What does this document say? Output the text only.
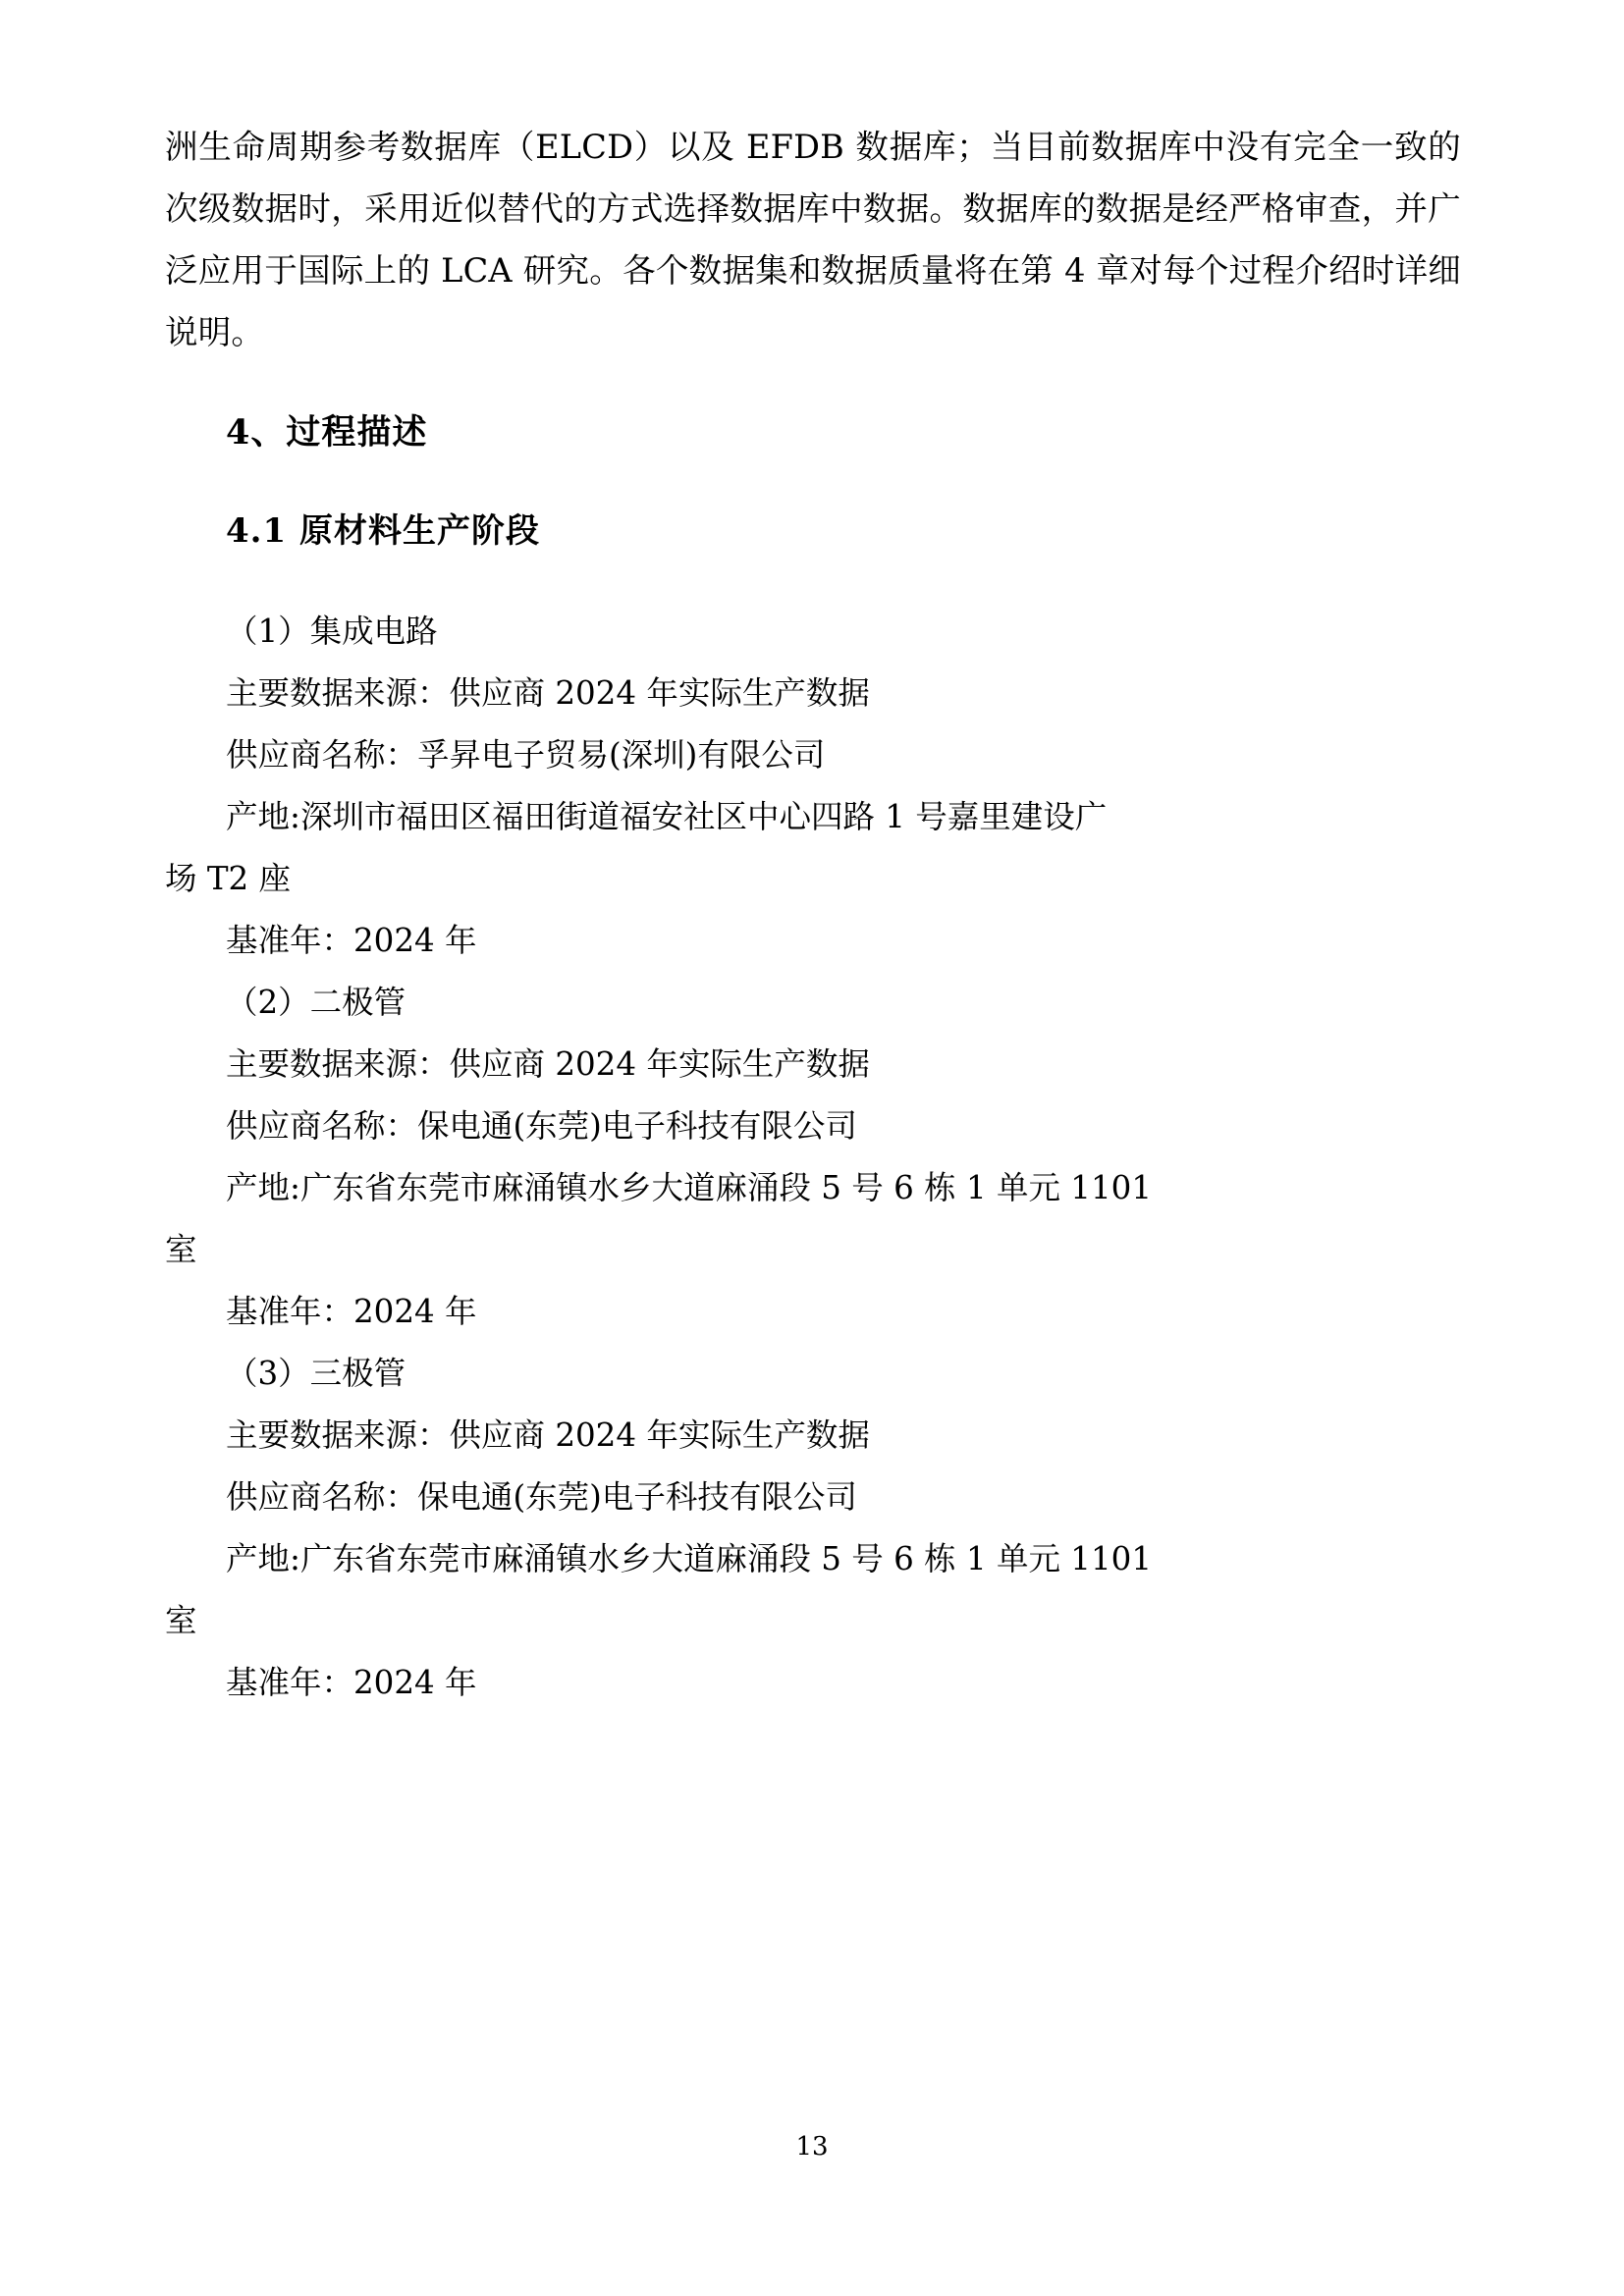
洲生命周期参考数据库（ELCD）以及 EFDB 数据库；当目前数据库中没有完全一致的次级数据时，采用近似替代的方式选择数据库中数据。数据库的数据是经严格审查，并广泛应用于国际上的 LCA 研究。各个数据集和数据质量将在第 4 章对每个过程介绍时详细说明。

4、过程描述
4.1 原材料生产阶段

（1）集成电路

主要数据来源：供应商 2024 年实际生产数据

供应商名称：孚昇电子贸易(深圳)有限公司

产地:深圳市福田区福田街道福安社区中心四路 1 号嘉里建设广

场 T2 座

基准年：2024 年

（2）二极管

主要数据来源：供应商 2024 年实际生产数据

供应商名称：保电通(东莞)电子科技有限公司

产地:广东省东莞市麻涌镇水乡大道麻涌段 5 号 6 栋 1 单元 1101

室

基准年：2024 年

（3）三极管

主要数据来源：供应商 2024 年实际生产数据

供应商名称：保电通(东莞)电子科技有限公司

产地:广东省东莞市麻涌镇水乡大道麻涌段 5 号 6 栋 1 单元 1101

室

基准年：2024 年

13
